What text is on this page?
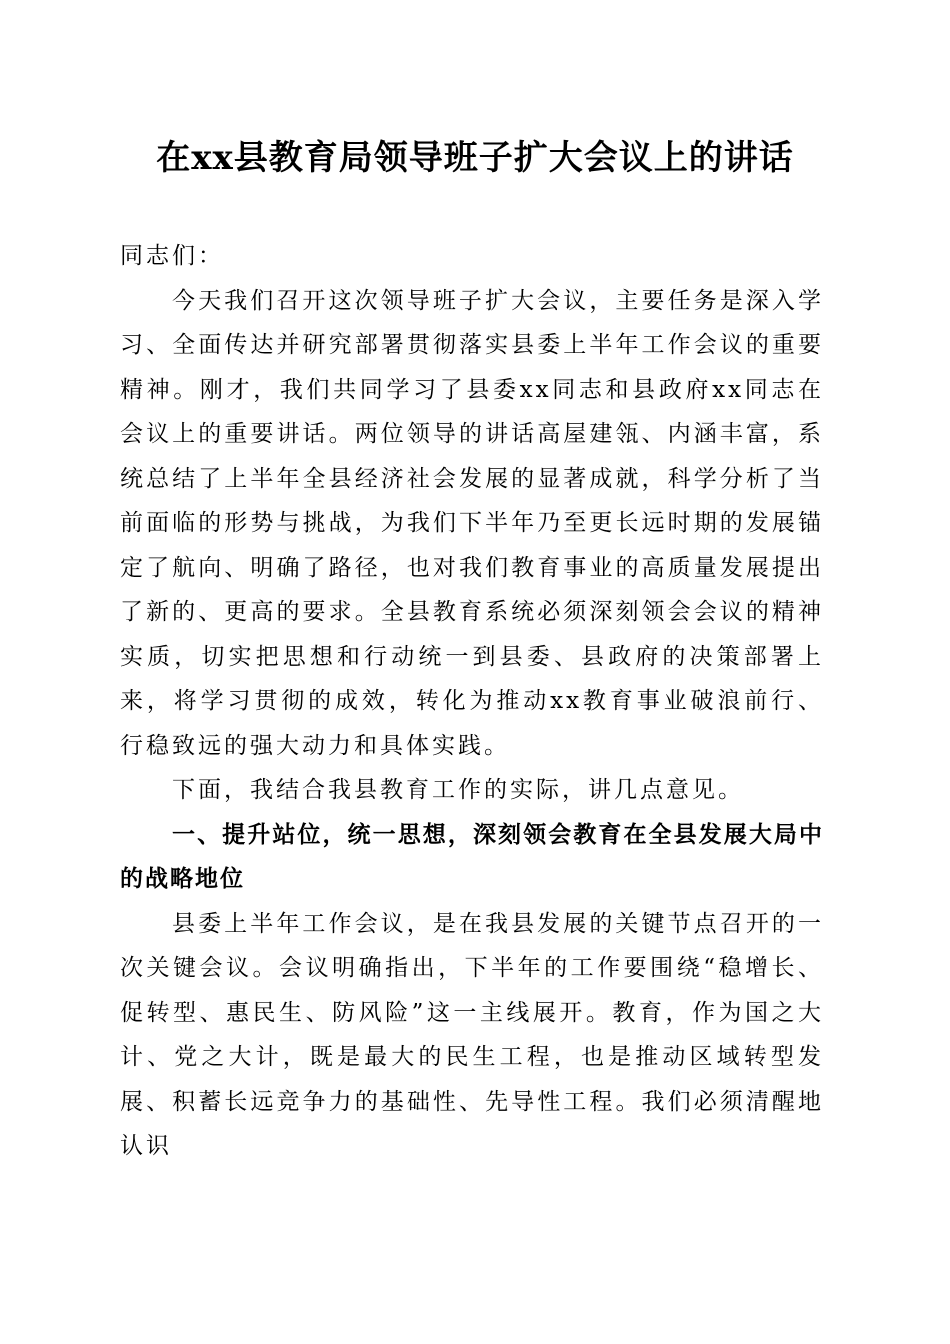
在xx县教育局领导班子扩大会议上的讲话

同志们：

今天我们召开这次领导班子扩大会议，主要任务是深入学习、全面传达并研究部署贯彻落实县委上半年工作会议的重要精神。刚才，我们共同学习了县委xx同志和县政府xx同志在会议上的重要讲话。两位领导的讲话高屋建瓴、内涵丰富，系统总结了上半年全县经济社会发展的显著成就，科学分析了当前面临的形势与挑战，为我们下半年乃至更长远时期的发展锚定了航向、明确了路径，也对我们教育事业的高质量发展提出了新的、更高的要求。全县教育系统必须深刻领会会议的精神实质，切实把思想和行动统一到县委、县政府的决策部署上来，将学习贯彻的成效，转化为推动xx教育事业破浪前行、行稳致远的强大动力和具体实践。

下面，我结合我县教育工作的实际，讲几点意见。

一、提升站位，统一思想，深刻领会教育在全县发展大局中的战略地位

县委上半年工作会议，是在我县发展的关键节点召开的一次关键会议。会议明确指出，下半年的工作要围绕“稳增长、促转型、惠民生、防风险”这一主线展开。教育，作为国之大计、党之大计，既是最大的民生工程，也是推动区域转型发展、积蓄长远竞争力的基础性、先导性工程。我们必须清醒地认识
